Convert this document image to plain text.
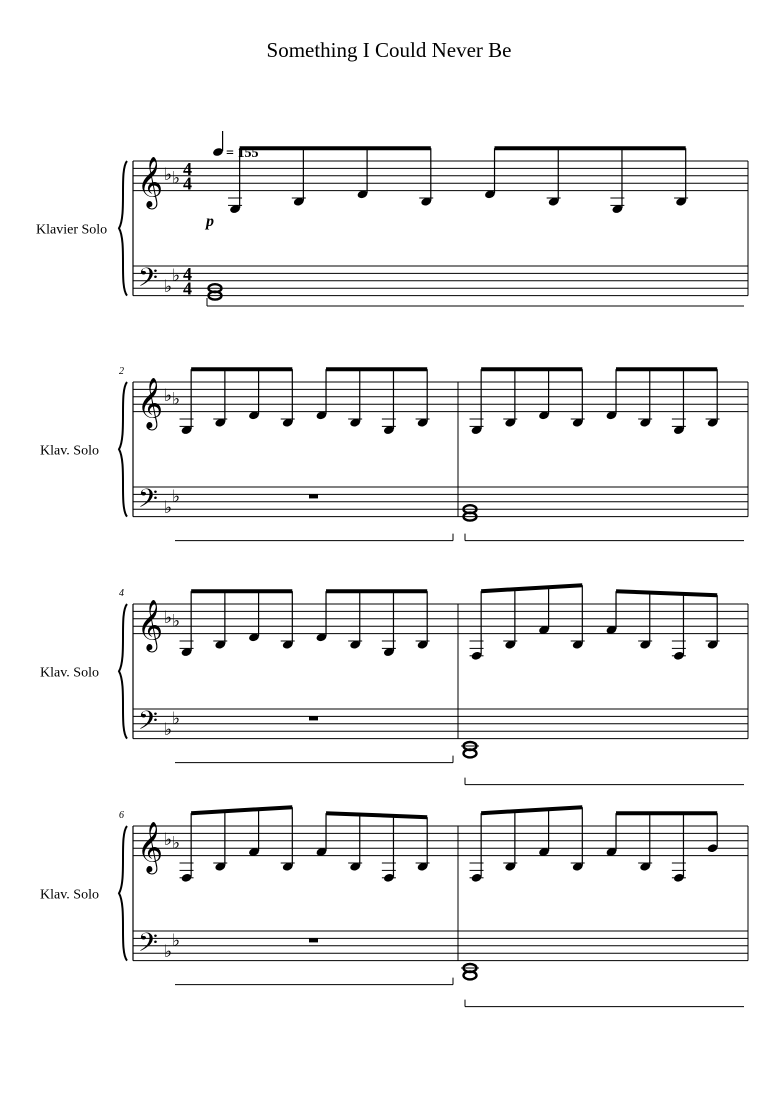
Something I Could Never Be
Klavier Solo
𝄞
𝄢
♭ ♭
♭
♭
4
4
4
4
= 155
p
Klav. Solo
𝄞
𝄢
♭ ♭
♭
♭
2
Klav. Solo
𝄞
𝄢
♭ ♭
♭
♭
4
Klav. Solo
𝄞
𝄢
♭ ♭
♭
♭
6
